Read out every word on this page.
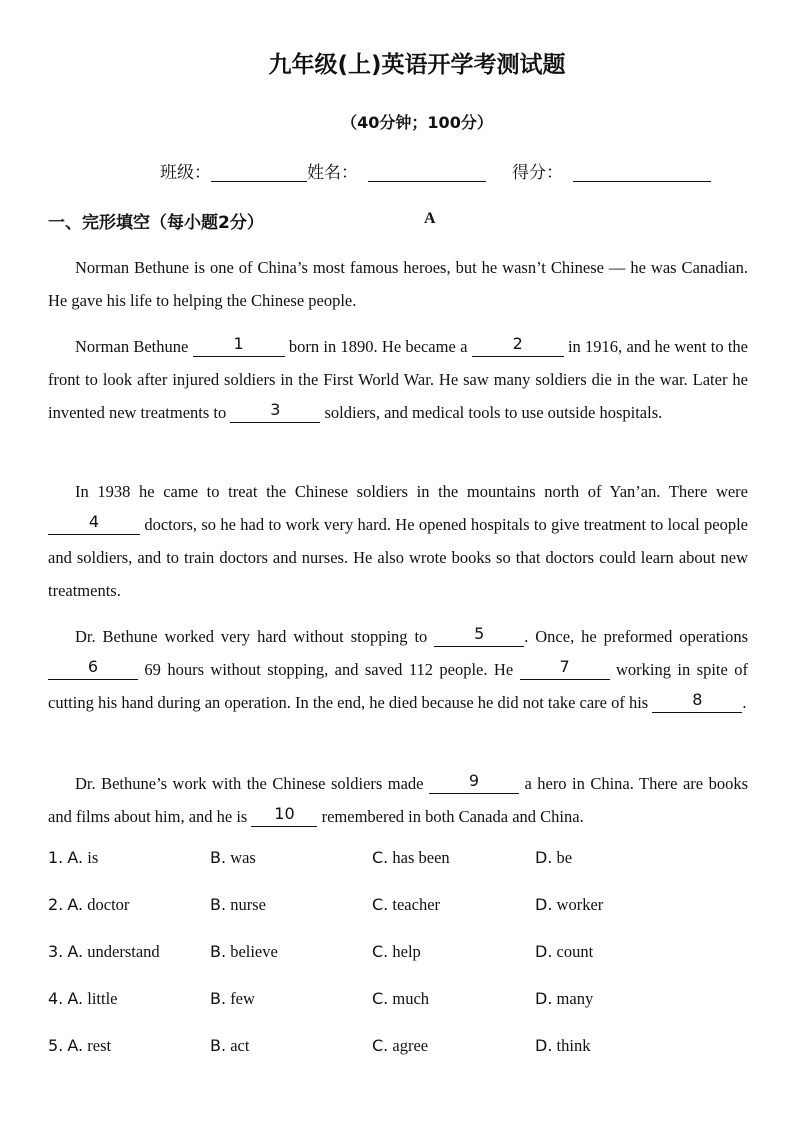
九年级(上)英语开学考测试题
（40分钟；100分）
班级：	姓名：	得分：
一、完形填空（每小题2分）	A

Norman Bethune is one of China’s most famous heroes, but he wasn’t Chinese — he was Canadian. He gave his life to helping the Chinese people.

Norman Bethune	1 born in 1890. He became a	2 in 1916, and he went to the front to look after injured soldiers in the First World War. He saw many soldiers die in the war. Later he invented new treatments to 3 soldiers, and medical tools to use outside hospitals.

In 1938 he came to treat the Chinese soldiers in the mountains north of Yan’an. There were 4 doctors, so he had to work very hard. He opened hospitals to give treatment to local people and soldiers, and to train doctors and nurses. He also wrote books so that doctors could learn about new treatments.

Dr. Bethune worked very hard without stopping to 5 . Once, he preformed operations 6 69 hours without stopping, and saved 112 people. He 7 working in spite of cutting his hand during an operation. In the end, he died because he did not take care of his 8 .

Dr. Bethune’s work with the Chinese soldiers made 9 a hero in China. There are books and films about him, and he is 10 remembered in both Canada and China.

1. A. is	B. was	C. has been	D. be
2. A. doctor	B. nurse	C. teacher	D. worker
3. A. understand	B. believe	C. help	D. count
4. A. little	B. few	C. much	D. many
5. A. rest	B. act	C. agree	D. think
